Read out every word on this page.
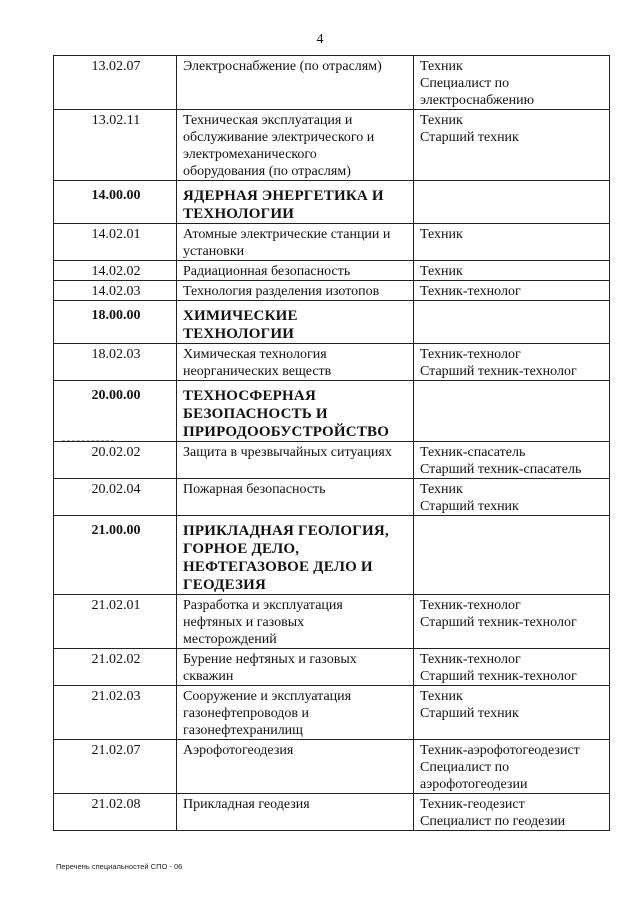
4
13.02.07	Электроснабжение (по отраслям)	Техник
Специалист по
электроснабжению

13.02.11	Техническая эксплуатация и
обслуживание электрического и
электромеханического
оборудования (по отраслям)	Техник
Старший техник

14.00.00	ЯДЕРНАЯ ЭНЕРГЕТИКА И
ТЕХНОЛОГИИ	

14.02.01	Атомные электрические станции и
установки	Техник

14.02.02	Радиационная безопасность	Техник

14.02.03	Технология разделения изотопов	Техник-технолог

18.00.00	ХИМИЧЕСКИЕ
ТЕХНОЛОГИИ	

18.02.03	Химическая технология
неорганических веществ	Техник-технолог
Старший техник-технолог

20.00.00	ТЕХНОСФЕРНАЯ
БЕЗОПАСНОСТЬ И
ПРИРОДООБУСТРОЙСТВО	

20.02.02	Защита в чрезвычайных ситуациях	Техник-спасатель
Старший техник-спасатель

20.02.04	Пожарная безопасность	Техник
Старший техник

21.00.00	ПРИКЛАДНАЯ ГЕОЛОГИЯ,
ГОРНОЕ ДЕЛО,
НЕФТЕГАЗОВОЕ ДЕЛО И
ГЕОДЕЗИЯ	

21.02.01	Разработка и эксплуатация
нефтяных и газовых
месторождений	Техник-технолог
Старший техник-технолог

21.02.02	Бурение нефтяных и газовых
скважин	Техник-технолог
Старший техник-технолог

21.02.03	Сооружение и эксплуатация
газонефтепроводов и
газонефтехранилищ	Техник
Старший техник

21.02.07	Аэрофотогеодезия	Техник-аэрофотогеодезист
Специалист по
аэрофотогеодезии

21.02.08	Прикладная геодезия	Техник-геодезист
Специалист по геодезии
Перечень специальностей СПО - 06
